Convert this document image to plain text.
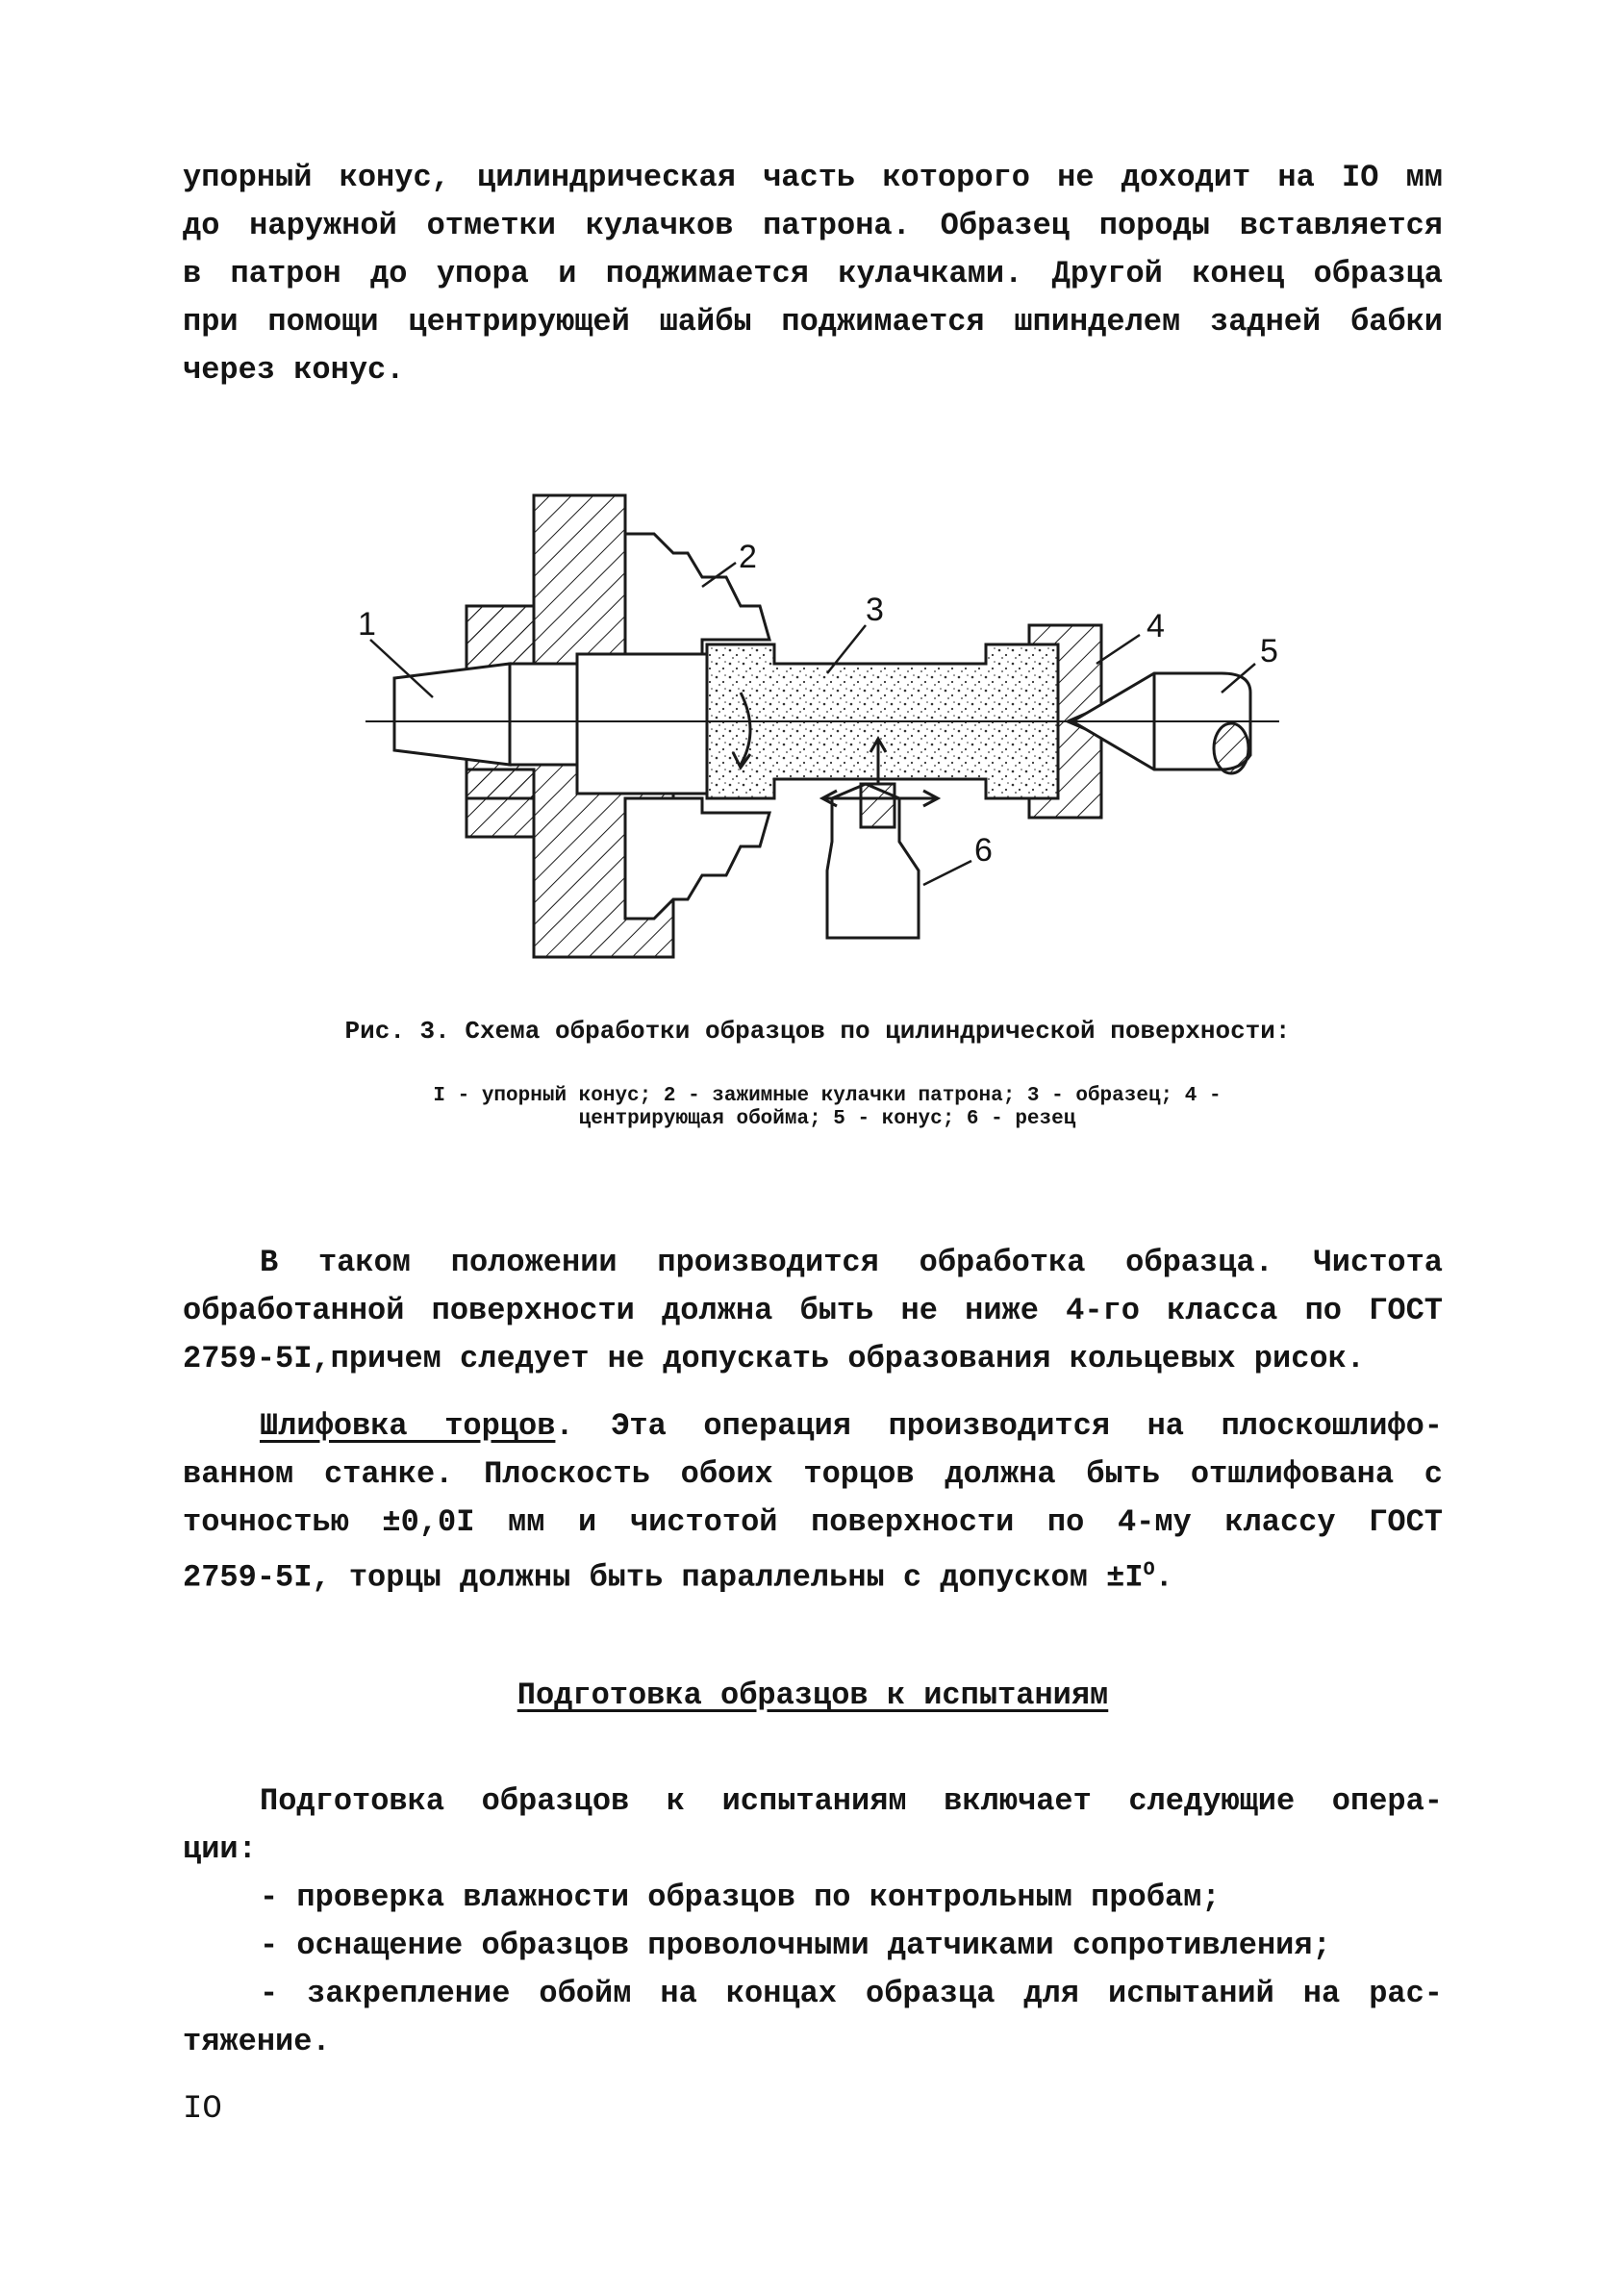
упорный конус, цилиндрическая часть которого не доходит на IO мм
до наружной отметки кулачков патрона. Образец породы вставляется
в патрон до упора и поджимается кулачками. Другой конец образца
при помощи центрирующей шайбы поджимается шпинделем задней бабки
через конус.
1
2
3	4
5
6
Рис. 3. Схема обработки образцов по цилиндрической поверхности:
I - упорный конус; 2 - зажимные кулачки патрона; 3 - образец; 4 -
центрирующая обойма; 5 - конус; 6 - резец
В таком положении производится обработка образца. Чистота
обработанной поверхности должна быть не ниже 4-го класса по ГОСТ
2759-5I,причем следует не допускать образования кольцевых рисок.
Шлифовка торцов. Эта операция производится на плоскошлифо-
ванном станке. Плоскость обоих торцов должна быть отшлифована с
точностью ±0,0I мм и чистотой поверхности по 4-му классу ГОСТ
2759-5I, торцы должны быть параллельны с допуском $\pm I^O$.
Подготовка образцов к испытаниям
Подготовка образцов к испытаниям включает следующие опера-
ции:
- проверка влажности образцов по контрольным пробам;
- оснащение образцов проволочными датчиками сопротивления;
- закрепление обойм на концах образца для испытаний на рас-
тяжение.
IO
